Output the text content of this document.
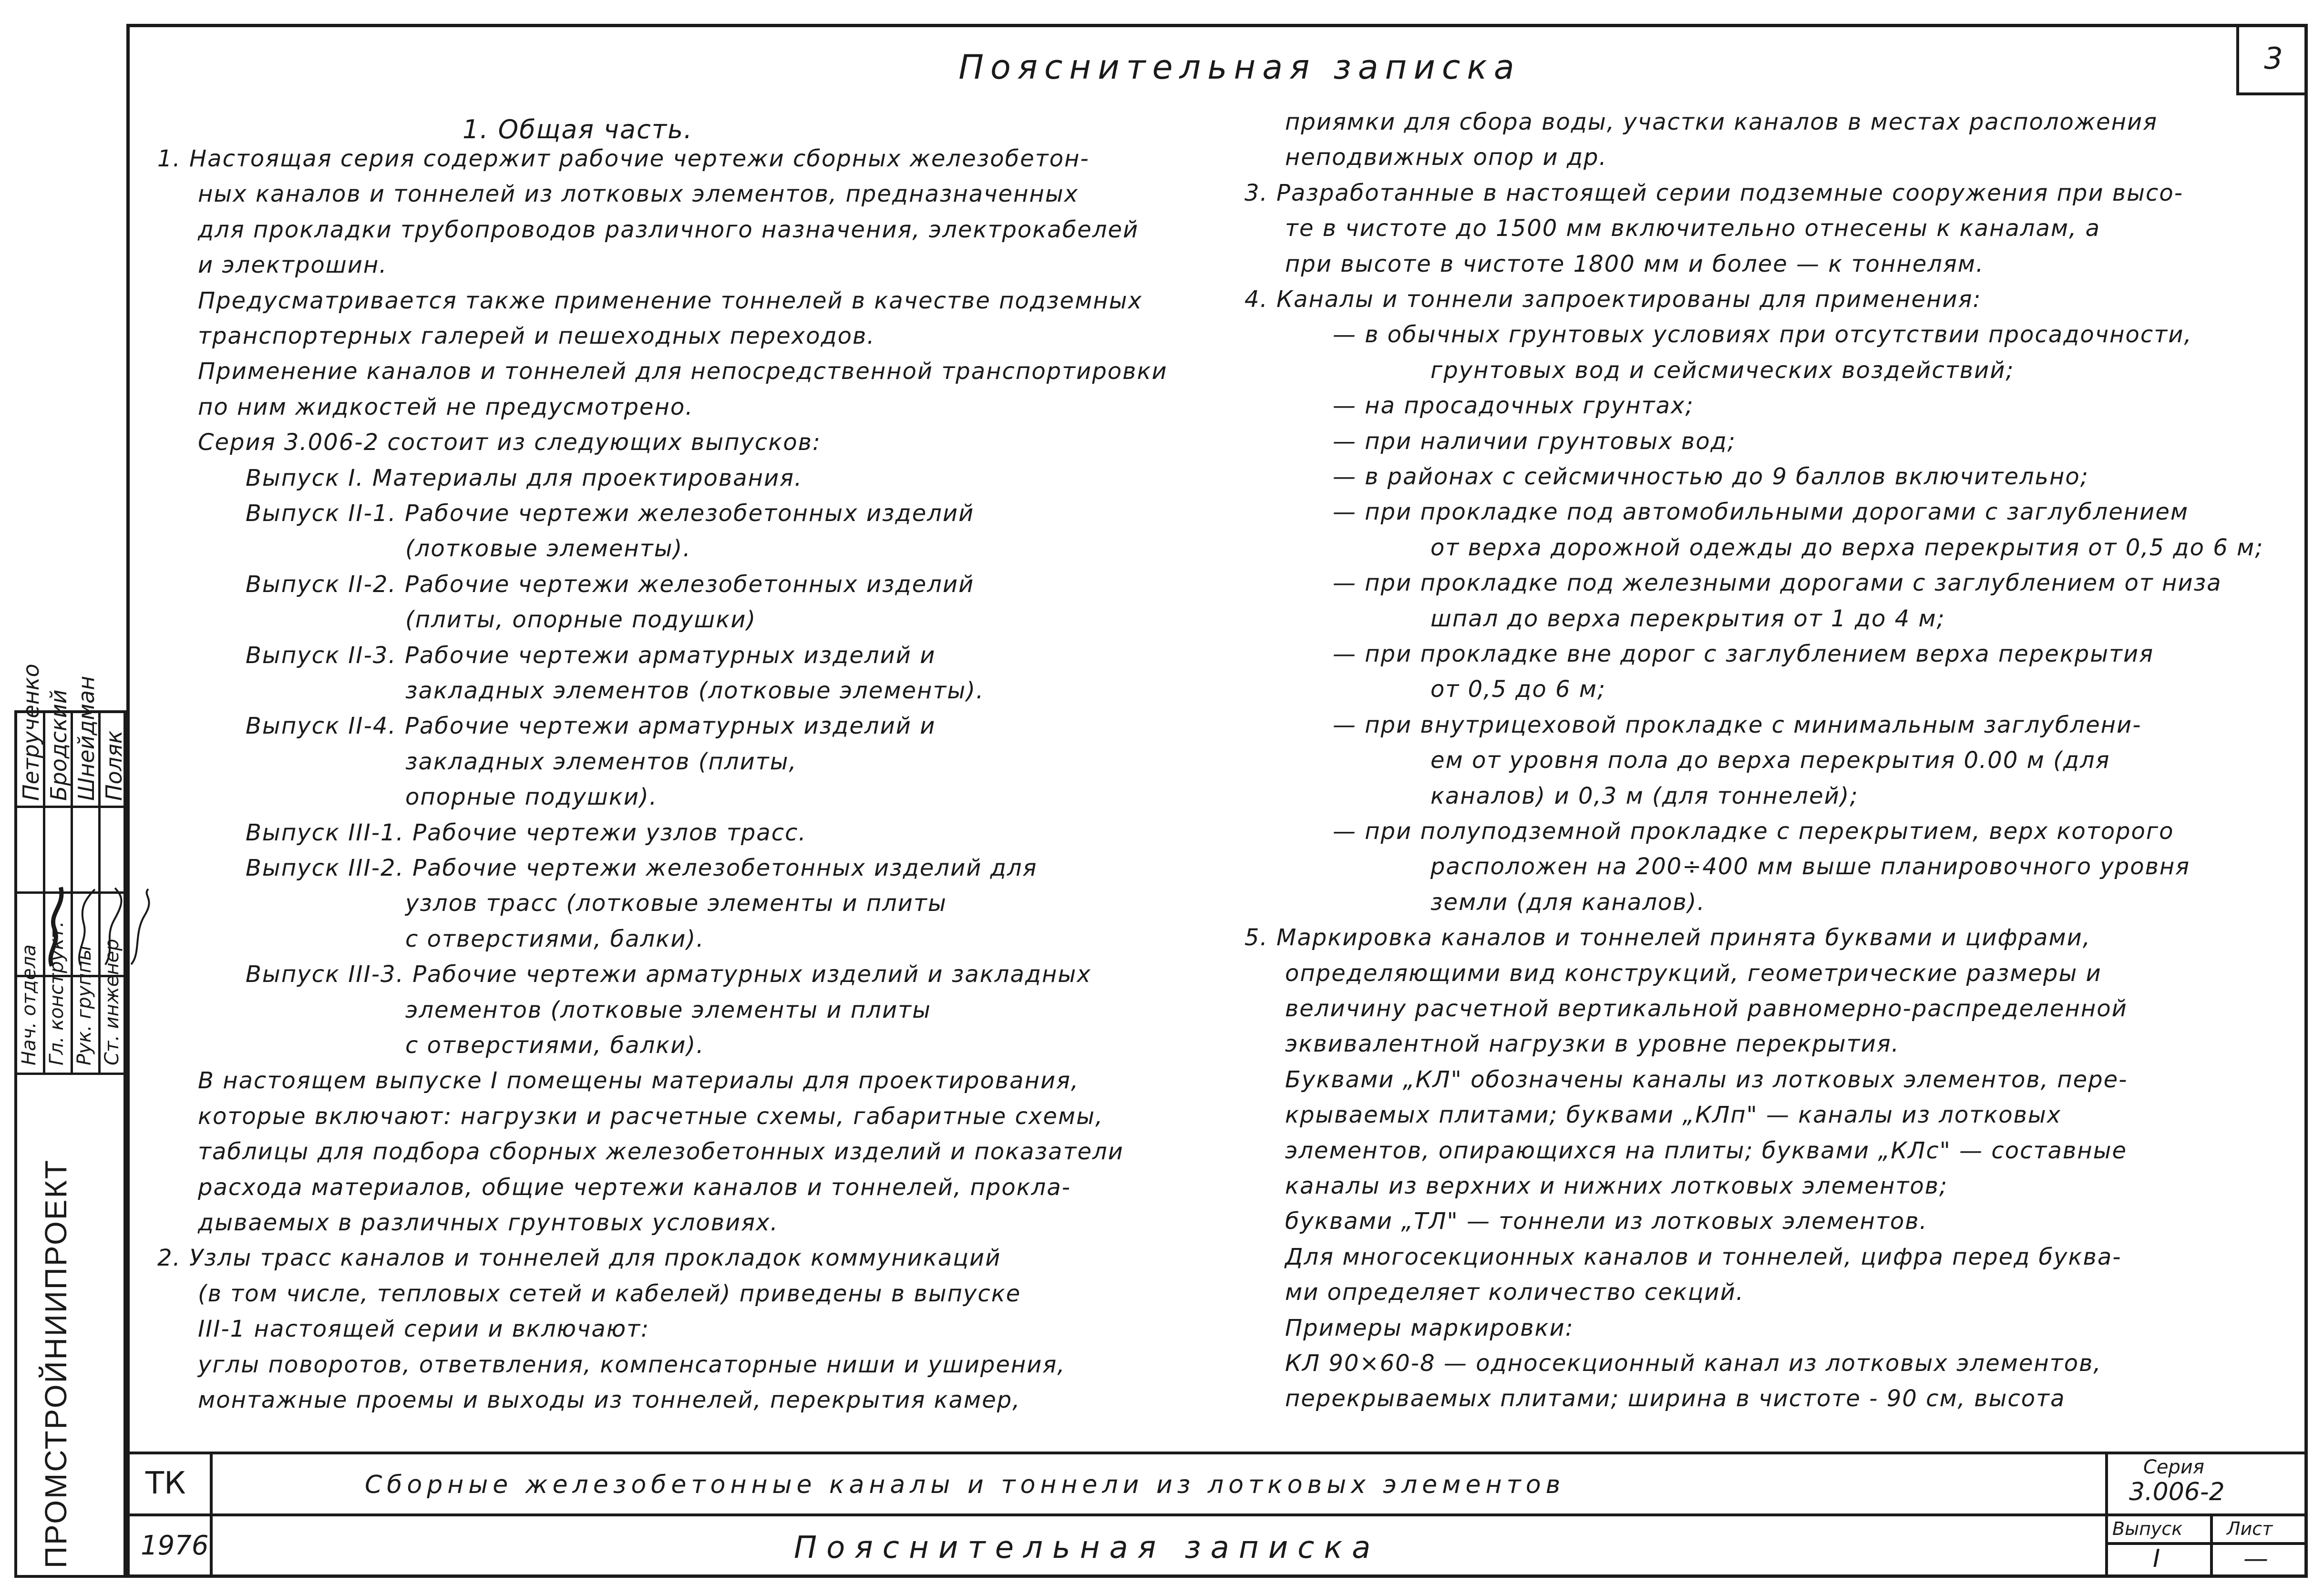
3
Пояснительная записка
1. Общая часть.
1. Настоящая серия содержит рабочие чертежи сборных железобетон-
ных каналов и тоннелей из лотковых элементов, предназначенных
для прокладки трубопроводов различного назначения, электрокабелей
и электрошин.
Предусматривается также применение тоннелей в качестве подземных
транспортерных галерей и пешеходных переходов.
Применение каналов и тоннелей для непосредственной транспортировки
по ним жидкостей не предусмотрено.
Серия 3.006-2 состоит из следующих выпусков:
Выпуск I. Материалы для проектирования.
Выпуск II-1. Рабочие чертежи железобетонных изделий
(лотковые элементы).
Выпуск II-2. Рабочие чертежи железобетонных изделий
(плиты, опорные подушки)
Выпуск II-3. Рабочие чертежи арматурных изделий и
закладных элементов (лотковые элементы).
Выпуск II-4. Рабочие чертежи арматурных изделий и
закладных элементов (плиты,
опорные подушки).
Выпуск III-1. Рабочие чертежи узлов трасс.
Выпуск III-2. Рабочие чертежи железобетонных изделий для
узлов трасс (лотковые элементы и плиты
с отверстиями, балки).
Выпуск III-3. Рабочие чертежи арматурных изделий и закладных
элементов (лотковые элементы и плиты
с отверстиями, балки).
В настоящем выпуске I помещены материалы для проектирования,
которые включают: нагрузки и расчетные схемы, габаритные схемы,
таблицы для подбора сборных железобетонных изделий и показатели
расхода материалов, общие чертежи каналов и тоннелей, прокла-
дываемых в различных грунтовых условиях.
2. Узлы трасс каналов и тоннелей для прокладок коммуникаций
(в том числе, тепловых сетей и кабелей) приведены в выпуске
III-1 настоящей серии и включают:
углы поворотов, ответвления, компенсаторные ниши и уширения,
монтажные проемы и выходы из тоннелей, перекрытия камер,
приямки для сбора воды, участки каналов в местах расположения
неподвижных опор и др.
3. Разработанные в настоящей серии подземные сооружения при высо-
те в чистоте до 1500 мм включительно отнесены к каналам, а
при высоте в чистоте 1800 мм и более — к тоннелям.
4. Каналы и тоннели запроектированы для применения:
— в обычных грунтовых условиях при отсутствии просадочности,
грунтовых вод и сейсмических воздействий;
— на просадочных грунтах;
— при наличии грунтовых вод;
— в районах с сейсмичностью до 9 баллов включительно;
— при прокладке под автомобильными дорогами с заглублением
от верха дорожной одежды до верха перекрытия от 0,5 до 6 м;
— при прокладке под железными дорогами с заглублением от низа
шпал до верха перекрытия от 1 до 4 м;
— при прокладке вне дорог с заглублением верха перекрытия
от 0,5 до 6 м;
— при внутрицеховой прокладке с минимальным заглублени-
ем от уровня пола до верха перекрытия 0.00 м (для
каналов) и 0,3 м (для тоннелей);
— при полуподземной прокладке с перекрытием, верх которого
расположен на 200÷400 мм выше планировочного уровня
земли (для каналов).
5. Маркировка каналов и тоннелей принята буквами и цифрами,
определяющими вид конструкций, геометрические размеры и
величину расчетной вертикальной равномерно-распределенной
эквивалентной нагрузки в уровне перекрытия.
Буквами „КЛ" обозначены каналы из лотковых элементов, пере-
крываемых плитами; буквами „КЛп" — каналы из лотковых
элементов, опирающихся на плиты; буквами „КЛс" — составные
каналы из верхних и нижних лотковых элементов;
буквами „ТЛ" — тоннели из лотковых элементов.
Для многосекционных каналов и тоннелей, цифра перед буква-
ми определяет количество секций.
Примеры маркировки:
КЛ 90×60-8 — односекционный канал из лотковых элементов,
перекрываемых плитами; ширина в чистоте - 90 см, высота
Петрученко Бродский Шнейдман Поляк
Нач. отдела Гл. конструкт. Рук. группы Ст. инженер
ПРОМСТРОЙНИИПРОЕКТ ТК
1976
Сборные железобетонные каналы и тоннели из лотковых элементов
Пояснительная записка
Серия
3.006-2
Выпуск
I
Лист
—
